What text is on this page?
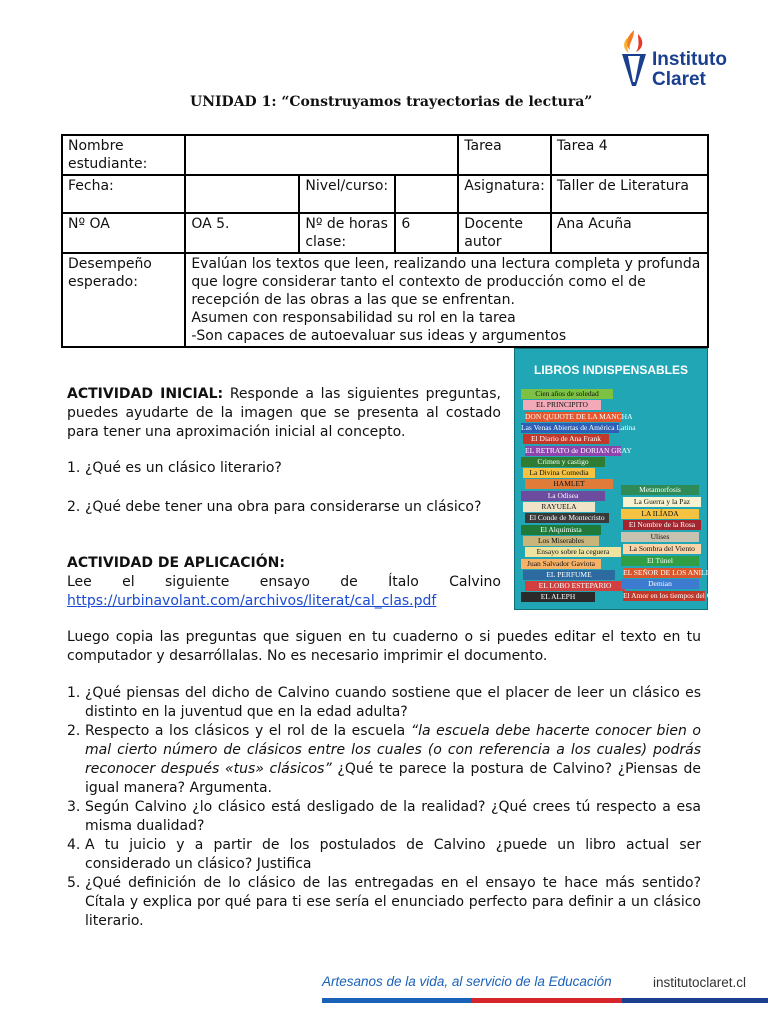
Instituto
Claret
UNIDAD 1: “Construyamos trayectorias de lectura”
Nombre estudiante:				Tarea	Tarea 4
Fecha:		Nivel/curso:		Asignatura:	Taller de Literatura
Nº OA	OA 5.	Nº de horas clase:	6	Docente autor	Ana Acuña
Desempeño esperado:	Evalúan los textos que leen, realizando una lectura completa y profunda que logre considerar tanto el contexto de producción como el de recepción de las obras a las que se enfrentan.
Asumen con responsabilidad su rol en la tarea
-Son capaces de autoevaluar sus ideas y argumentos				
ACTIVIDAD INICIAL: Responde a las siguientes preguntas, puedes ayudarte de la imagen que se presenta al costado para tener una aproximación inicial al concepto.
1. ¿Qué es un clásico literario?
2. ¿Qué debe tener una obra para considerarse un clásico?
ACTIVIDAD DE APLICACIÓN:
Lee el siguiente ensayo de Ítalo Calvino
https://urbinavolant.com/archivos/literat/cal_clas.pdf
LIBROS INDISPENSABLES
Cien años de soledad
EL PRINCIPITO
DON QUIJOTE DE LA MANCHA
Las Venas Abiertas de América Latina
El Diario de Ana Frank
EL RETRATO de DORIAN GRAY
Crimen y castigo
La Divina Comedia
HAMLET
La Odisea
RAYUELA
El Conde de Montecristo
El Alquimista
Los Miserables
Ensayo sobre la ceguera
Juan Salvador Gaviota
EL PERFUME
EL LOBO ESTEPARIO
EL ALEPH
Metamorfosis
La Guerra y la Paz
LA ILÍADA
El Nombre de la Rosa
Ulises
La Sombra del Viento
El Túnel
EL SEÑOR DE LOS ANILLOS
Demian
El Amor en los tiempos del Cólera
Luego copia las preguntas que siguen en tu cuaderno o si puedes editar el texto en tu computador y desarróllalas. No es necesario imprimir el documento.
1. ¿Qué piensas del dicho de Calvino cuando sostiene que el placer de leer un clásico es distinto en la juventud que en la edad adulta?
2. Respecto a los clásicos y el rol de la escuela “la escuela debe hacerte conocer bien o mal cierto número de clásicos entre los cuales (o con referencia a los cuales) podrás reconocer después «tus» clásicos” ¿Qué te parece la postura de Calvino? ¿Piensas de igual manera? Argumenta.
3. Según Calvino ¿lo clásico está desligado de la realidad? ¿Qué crees tú respecto a esa misma dualidad?
4. A tu juicio y a partir de los postulados de Calvino ¿puede un libro actual ser considerado un clásico? Justifica
5. ¿Qué definición de lo clásico de las entregadas en el ensayo te hace más sentido? Cítala y explica por qué para ti ese sería el enunciado perfecto para definir a un clásico literario.
Artesanos de la vida, al servicio de la Educación	institutoclaret.cl
